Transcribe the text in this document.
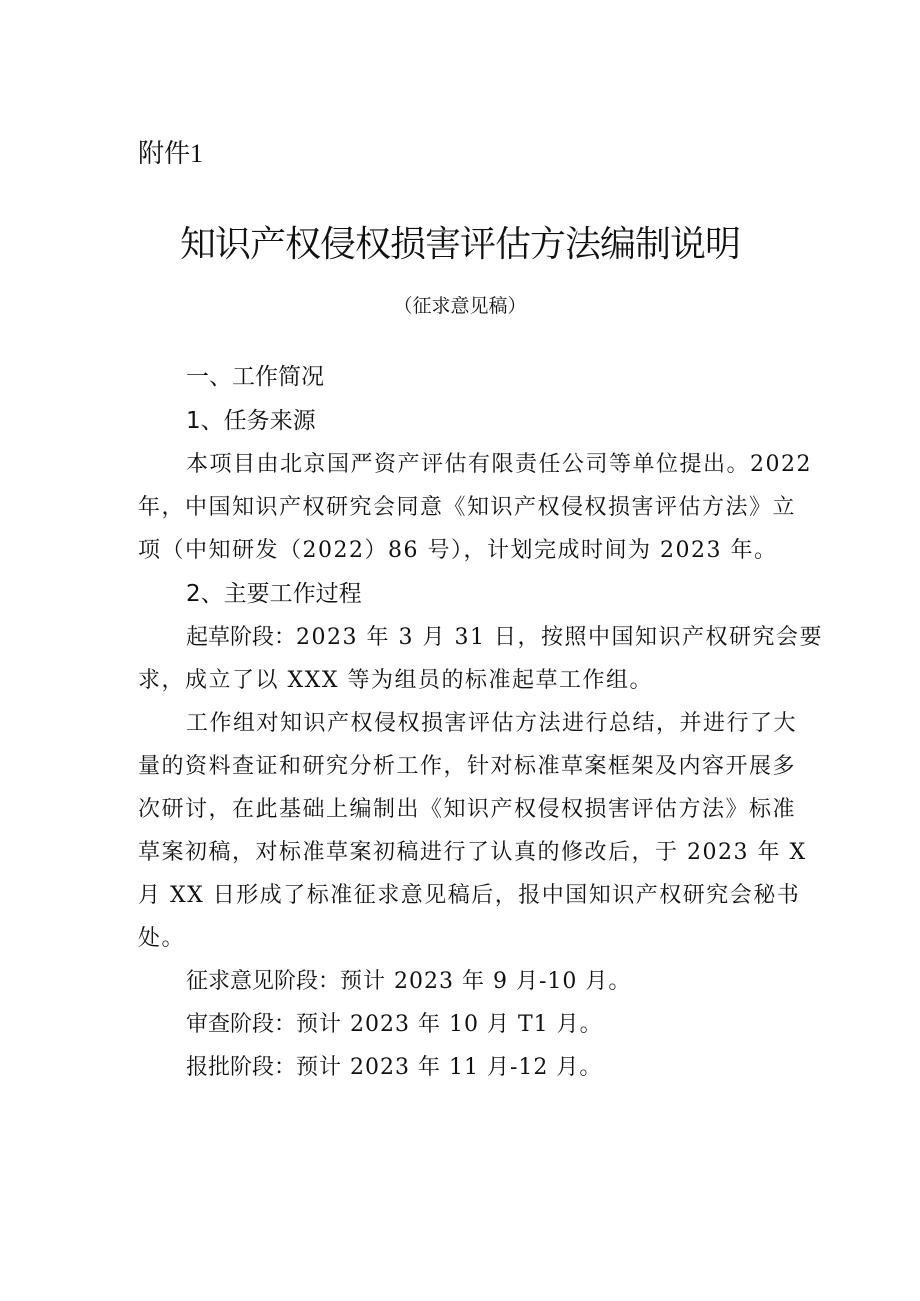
附件1
知识产权侵权损害评估方法编制说明
（征求意见稿）
一、工作简况
1、任务来源
本项目由北京国严资产评估有限责任公司等单位提出。2022
年，中国知识产权研究会同意《知识产权侵权损害评估方法》立
项（中知研发（2022）86 号），计划完成时间为 2023 年。
2、主要工作过程
起草阶段：2023 年 3 月 31 日，按照中国知识产权研究会要
求，成立了以 XXX 等为组员的标准起草工作组。
工作组对知识产权侵权损害评估方法进行总结，并进行了大
量的资料查证和研究分析工作，针对标准草案框架及内容开展多
次研讨，在此基础上编制出《知识产权侵权损害评估方法》标准
草案初稿，对标准草案初稿进行了认真的修改后，于 2023 年 X
月 XX 日形成了标准征求意见稿后，报中国知识产权研究会秘书
处。
征求意见阶段：预计 2023 年 9 月-10 月。
审查阶段：预计 2023 年 10 月 T1 月。
报批阶段：预计 2023 年 11 月-12 月。
